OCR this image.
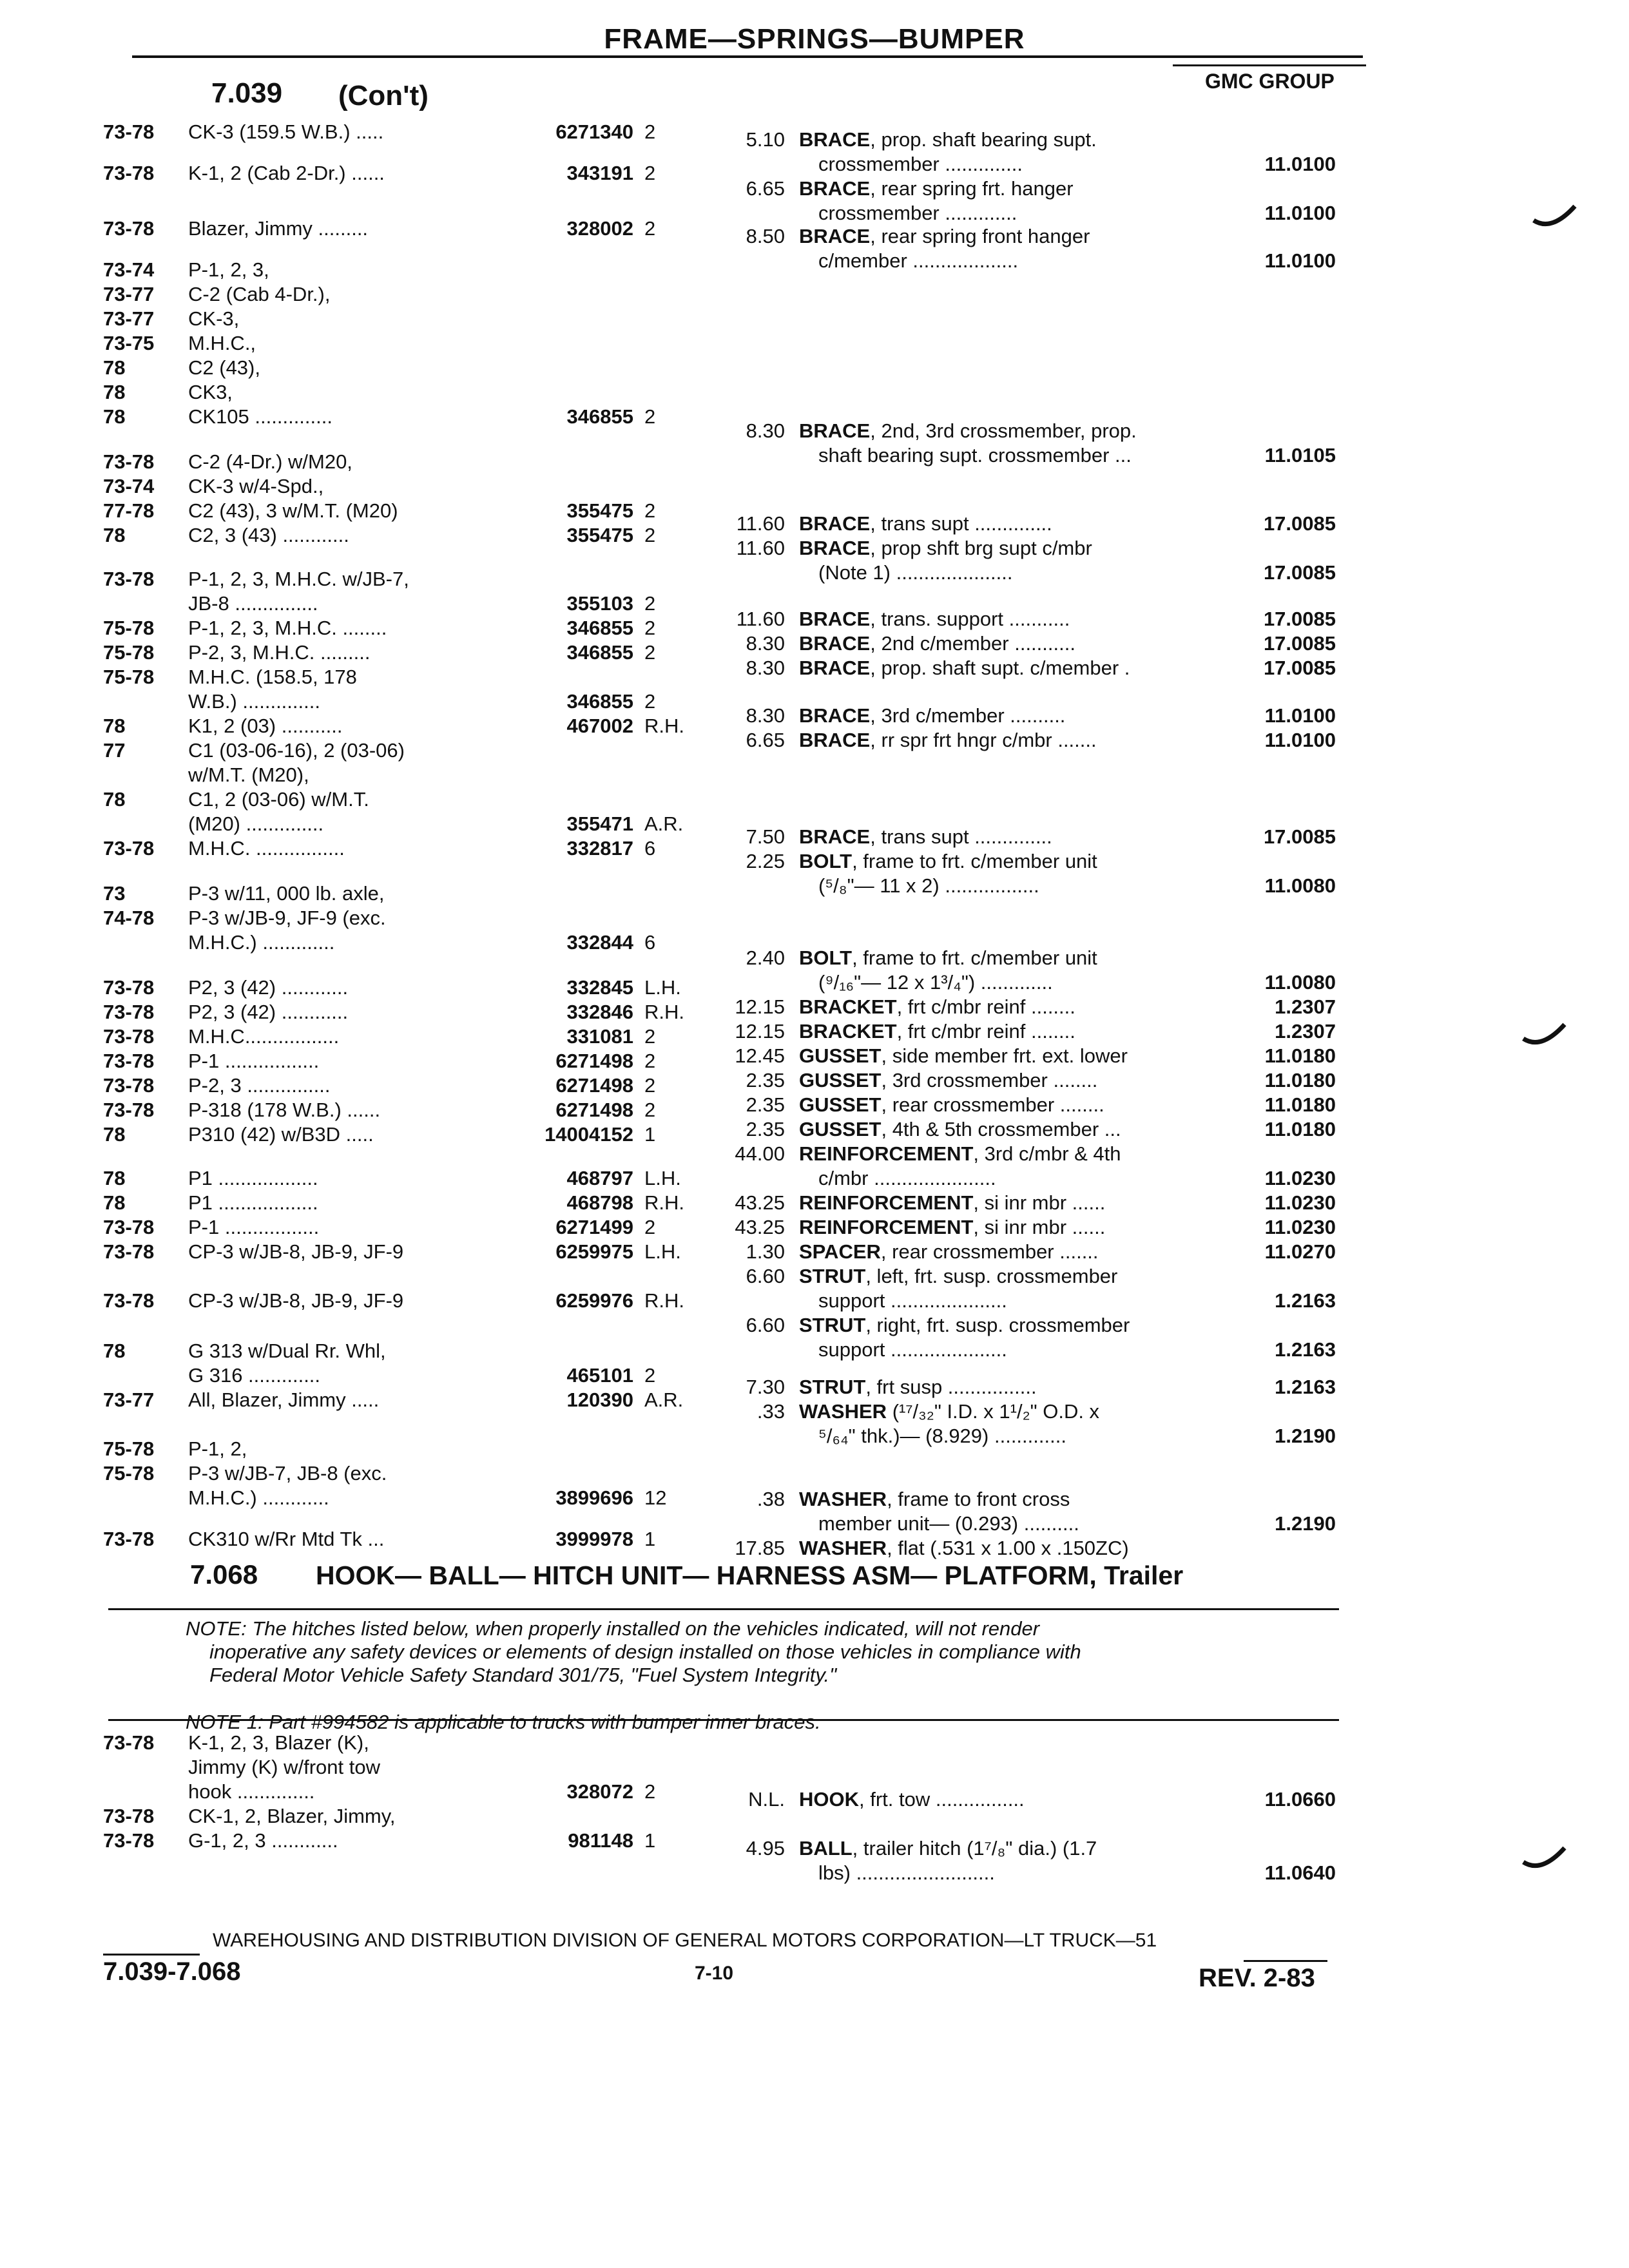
FRAME—SPRINGS—BUMPER
GMC GROUP
7.039 (Con't)
73-78 CK-3 (159.5 W.B.) .....	6271340 2
73-78 K-1, 2 (Cab 2-Dr.) ......	343191 2
73-78 Blazer, Jimmy .........	328002 2
73-74 P-1, 2, 3,
73-77 C-2 (Cab 4-Dr.),
73-77 CK-3,
73-75 M.H.C.,
78	C2 (43),
78	CK3,
78	CK105 ..............	346855 2
73-78 C-2 (4-Dr.) w/M20,
73-74 CK-3 w/4-Spd.,
77-78 C2 (43), 3 w/M.T. (M20)	355475 2
78	C2, 3 (43) ............	355475 2
73-78 P-1, 2, 3, M.H.C. w/JB-7,
JB-8 ...............	355103 2
75-78 P-1, 2, 3, M.H.C. ........	346855 2
75-78 P-2, 3, M.H.C. .........	346855 2
75-78 M.H.C. (158.5, 178
W.B.) ..............	346855 2
78	K1, 2 (03) ...........	467002 R.H.
77	C1 (03-06-16), 2 (03-06)
w/M.T. (M20),
78	C1, 2 (03-06) w/M.T.
(M20) ..............	355471 A.R.
73-78 M.H.C. ................	332817 6
73	P-3 w/11, 000 lb. axle,
74-78 P-3 w/JB-9, JF-9 (exc.
M.H.C.) .............	332844 6
73-78 P2, 3 (42) ............	332845 L.H.
73-78 P2, 3 (42) ............	332846 R.H.
73-78 M.H.C.................	331081 2
73-78 P-1 .................	6271498 2
73-78 P-2, 3 ...............	6271498 2
73-78 P-318 (178 W.B.) ......	6271498 2
78	P310 (42) w/B3D .....	14004152 1
78	P1 ..................	468797 L.H.
78	P1 ..................	468798 R.H.
73-78 P-1 .................	6271499 2
73-78 CP-3 w/JB-8, JB-9, JF-9	6259975 L.H.
73-78 CP-3 w/JB-8, JB-9, JF-9	6259976 R.H.
78	G 313 w/Dual Rr. Whl,
G 316 .............	465101 2
73-77 All, Blazer, Jimmy .....	120390 A.R.
75-78 P-1, 2,
75-78 P-3 w/JB-7, JB-8 (exc.
M.H.C.) ............	3899696 12
73-78 CK310 w/Rr Mtd Tk ...	3999978 1
5.10 BRACE, prop. shaft bearing supt.
crossmember ..............	11.0100
6.65 BRACE, rear spring frt. hanger
crossmember .............	11.0100
8.50 BRACE, rear spring front hanger
c/member ...................	11.0100
8.30 BRACE, 2nd, 3rd crossmember, prop.
shaft bearing supt. crossmember ...	11.0105
11.60 BRACE, trans supt ..............	17.0085
11.60 BRACE, prop shft brg supt c/mbr
(Note 1) .....................	17.0085
11.60 BRACE, trans. support ...........	17.0085
8.30 BRACE, 2nd c/member ...........	17.0085
8.30 BRACE, prop. shaft supt. c/member .	17.0085
8.30 BRACE, 3rd c/member ..........	11.0100
6.65 BRACE, rr spr frt hngr c/mbr .......	11.0100
7.50 BRACE, trans supt ..............	17.0085
2.25 BOLT, frame to frt. c/member unit
(⁵/₈"— 11 x 2) .................	11.0080
2.40 BOLT, frame to frt. c/member unit
(⁹/₁₆"— 12 x 1³/₄") .............	11.0080
12.15 BRACKET, frt c/mbr reinf ........	1.2307
12.15 BRACKET, frt c/mbr reinf ........	1.2307
12.45 GUSSET, side member frt. ext. lower	11.0180
2.35 GUSSET, 3rd crossmember ........	11.0180
2.35 GUSSET, rear crossmember ........	11.0180
2.35 GUSSET, 4th & 5th crossmember ...	11.0180
44.00 REINFORCEMENT, 3rd c/mbr & 4th
c/mbr ......................	11.0230
43.25 REINFORCEMENT, si inr mbr ......	11.0230
43.25 REINFORCEMENT, si inr mbr ......	11.0230
1.30 SPACER, rear crossmember .......	11.0270
6.60 STRUT, left, frt. susp. crossmember
support .....................	1.2163
6.60 STRUT, right, frt. susp. crossmember
support .....................	1.2163
7.30 STRUT, frt susp ................	1.2163
.33 WASHER (¹⁷/₃₂" I.D. x 1¹/₂" O.D. x
⁵/₆₄" thk.)— (8.929) .............	1.2190
.38 WASHER, frame to front cross
member unit— (0.293) ..........	1.2190
17.85 WASHER, flat (.531 x 1.00 x .150ZC)
7.068 HOOK— BALL— HITCH UNIT— HARNESS ASM— PLATFORM, Trailer
NOTE: The hitches listed below, when properly installed on the vehicles indicated, will not render
inoperative any safety devices or elements of design installed on those vehicles in compliance with
Federal Motor Vehicle Safety Standard 301/75, "Fuel System Integrity."
NOTE 1: Part #994582 is applicable to trucks with bumper inner braces.
73-78 K-1, 2, 3, Blazer (K),
Jimmy (K) w/front tow
hook ..............	328072 2
73-78 CK-1, 2, Blazer, Jimmy,
73-78 G-1, 2, 3 ............	981148 1
N.L. HOOK, frt. tow ................	11.0660
4.95 BALL, trailer hitch (1⁷/₈" dia.) (1.7
lbs) .........................	11.0640
WAREHOUSING AND DISTRIBUTION DIVISION OF GENERAL MOTORS CORPORATION—LT TRUCK—51
7.039-7.068	7-10	REV. 2-83
